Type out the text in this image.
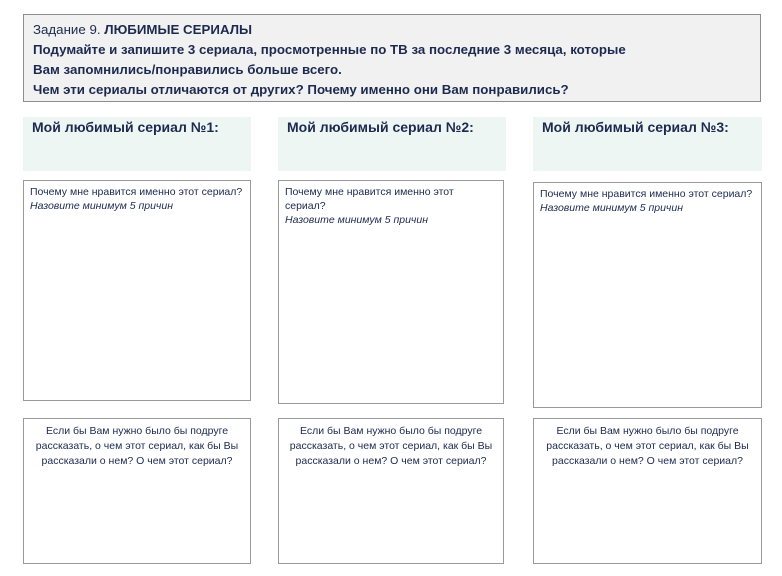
Задание 9. ЛЮБИМЫЕ СЕРИАЛЫ
Подумайте и запишите 3 сериала, просмотренные по ТВ за последние 3 месяца, которые
Вам запомнились/понравились больше всего.
Чем эти сериалы отличаются от других? Почему именно они Вам понравились?
Мой любимый сериал №1:
Почему мне нравится именно этот сериал?
Назовите минимум 5 причин
Если бы Вам нужно было бы подруге рассказать, о чем этот сериал, как бы Вы рассказали о нем? О чем этот сериал?
Мой любимый сериал №2:
Почему мне нравится именно этот сериал?
Назовите минимум 5 причин
Если бы Вам нужно было бы подруге рассказать, о чем этот сериал, как бы Вы рассказали о нем? О чем этот сериал?
Мой любимый сериал №3:
Почему мне нравится именно этот сериал?
Назовите минимум 5 причин
Если бы Вам нужно было бы подруге рассказать, о чем этот сериал, как бы Вы рассказали о нем? О чем этот сериал?
